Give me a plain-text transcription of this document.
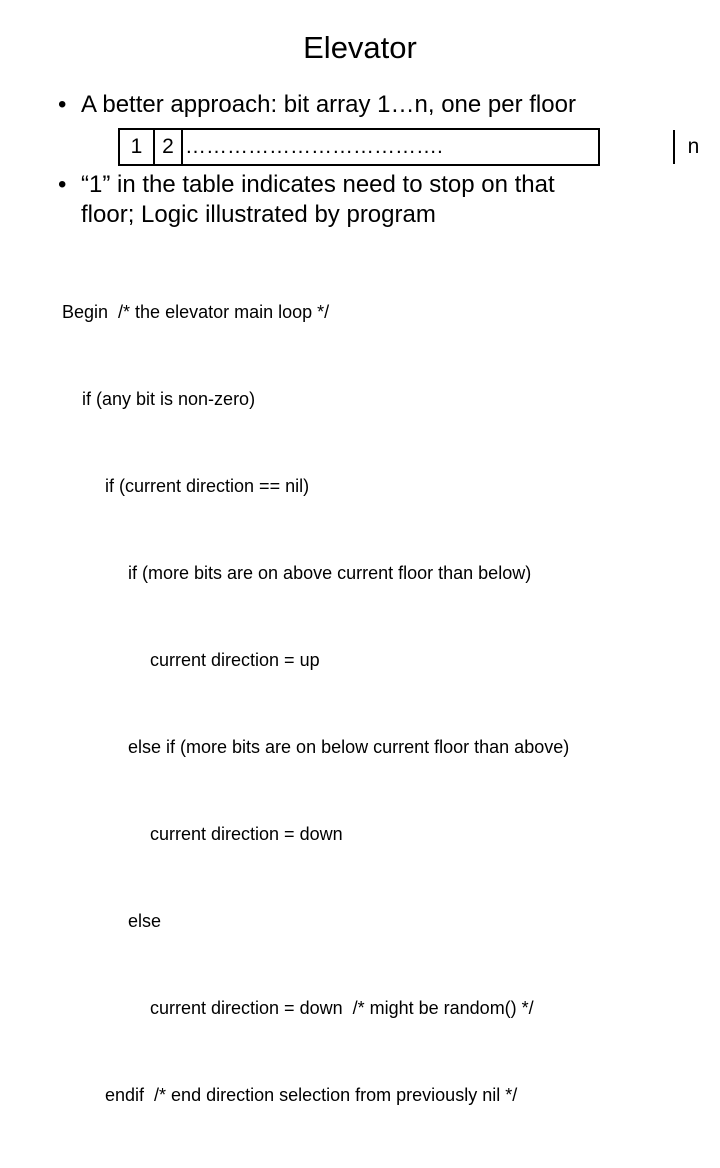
Elevator
• A better approach: bit array 1…n, one per floor
1 2 ……………………………….	n
• “1” in the table indicates need to stop on that
floor; Logic illustrated by program

Begin  /* the elevator main loop */

if (any bit is non-zero)

if (current direction == nil)

if (more bits are on above current floor than below)

current direction = up

else if (more bits are on below current floor than above)

current direction = down

else

current direction = down  /* might be random() */

endif  /* end direction selection from previously nil */
